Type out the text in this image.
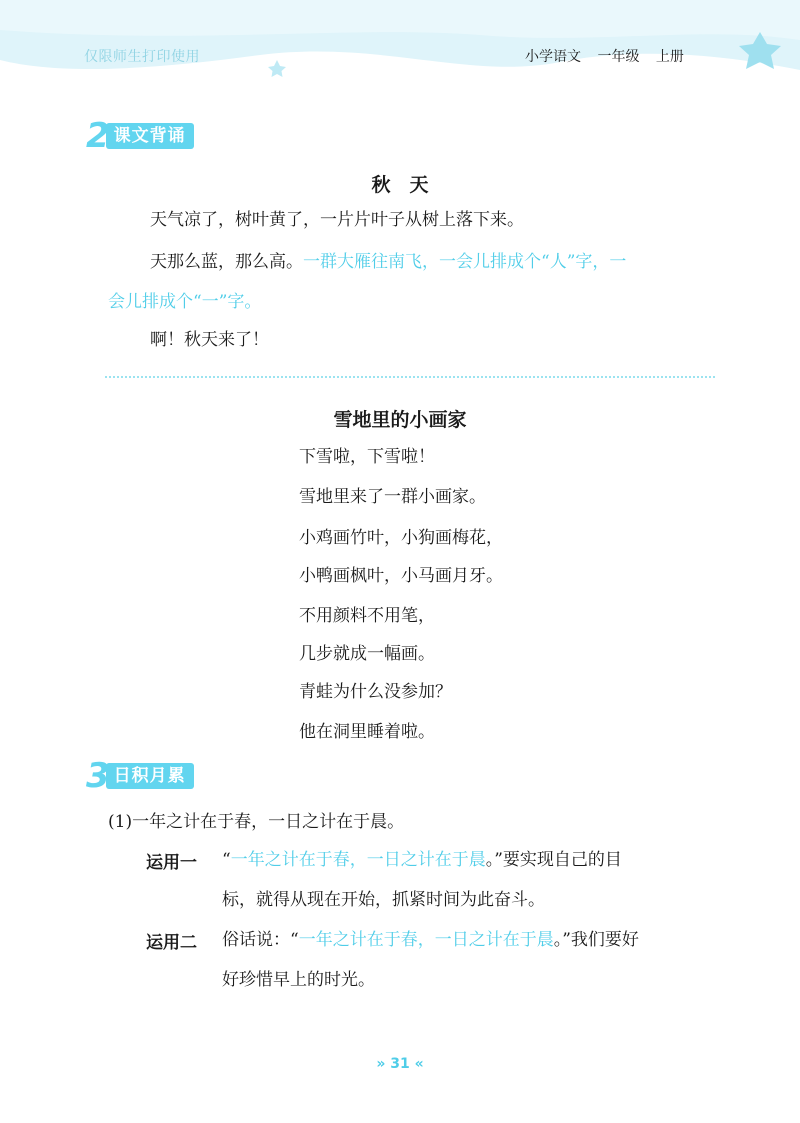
仅限师生打印使用	小学语文 一年级 上册
2 课文背诵
秋　天
天气凉了，树叶黄了，一片片叶子从树上落下来。
天那么蓝，那么高。一群大雁往南飞，一会儿排成个“人”字，一
会儿排成个“一”字。
啊！秋天来了！
雪地里的小画家
下雪啦，下雪啦！
雪地里来了一群小画家。
小鸡画竹叶，小狗画梅花，
小鸭画枫叶，小马画月牙。
不用颜料不用笔，
几步就成一幅画。
青蛙为什么没参加？
他在洞里睡着啦。
3 日积月累
(1)一年之计在于春，一日之计在于晨。
运用一 “一年之计在于春，一日之计在于晨。”要实现自己的目
标，就得从现在开始，抓紧时间为此奋斗。
运用二 俗话说：“一年之计在于春，一日之计在于晨。”我们要好
好珍惜早上的时光。
» 31 «
